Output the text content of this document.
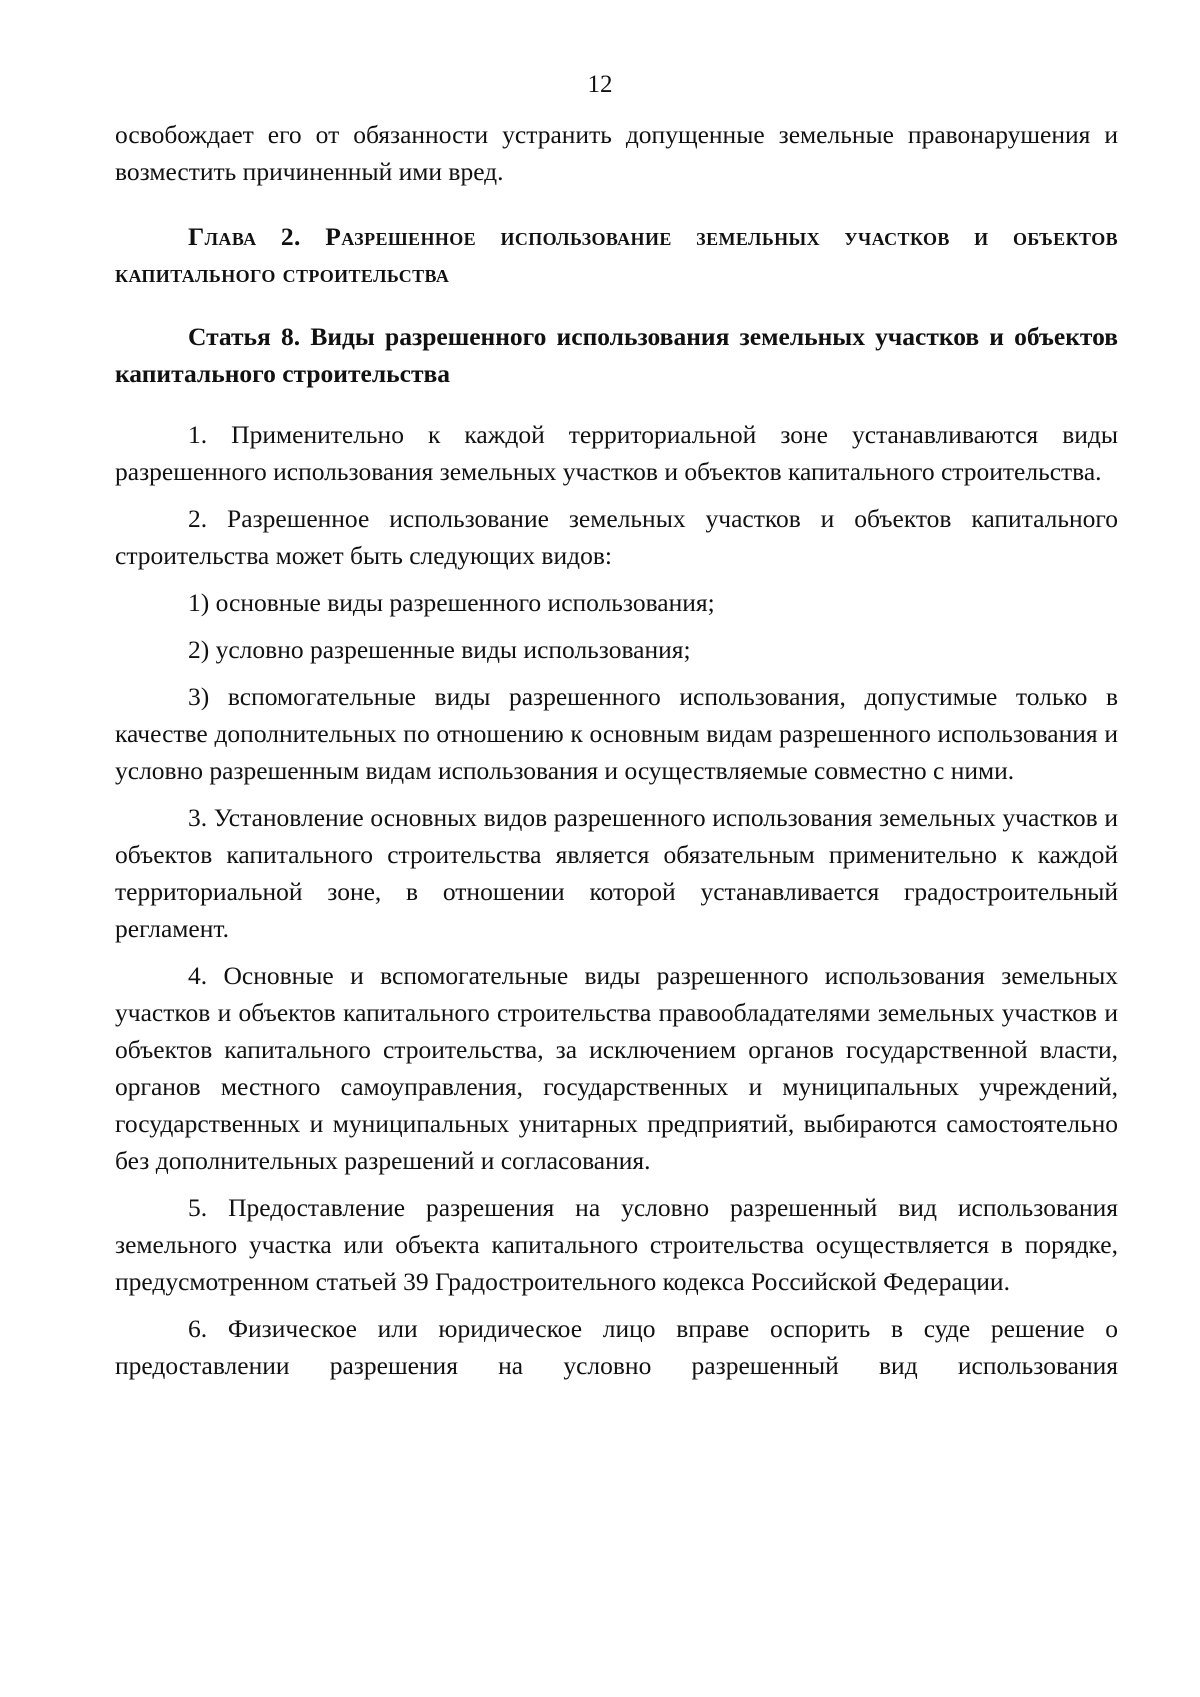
12

освобождает его от обязанности устранить допущенные земельные правонарушения и возместить причиненный ими вред.

Глава 2. Разрешенное использование земельных участков и объектов капитального строительства

Статья 8. Виды разрешенного использования земельных участков и объектов капитального строительства

1. Применительно к каждой территориальной зоне устанавливаются виды разрешенного использования земельных участков и объектов капитального строительства.

2. Разрешенное использование земельных участков и объектов капитального строительства может быть следующих видов:

1) основные виды разрешенного использования;

2) условно разрешенные виды использования;

3) вспомогательные виды разрешенного использования, допустимые только в качестве дополнительных по отношению к основным видам разрешенного использования и условно разрешенным видам использования и осуществляемые совместно с ними.

3. Установление основных видов разрешенного использования земельных участков и объектов капитального строительства является обязательным применительно к каждой территориальной зоне, в отношении которой устанавливается градостроительный регламент.

4. Основные и вспомогательные виды разрешенного использования земельных участков и объектов капитального строительства правообладателями земельных участков и объектов капитального строительства, за исключением органов государственной власти, органов местного самоуправления, государственных и муниципальных учреждений, государственных и муниципальных унитарных предприятий, выбираются самостоятельно без дополнительных разрешений и согласования.

5. Предоставление разрешения на условно разрешенный вид использования земельного участка или объекта капитального строительства осуществляется в порядке, предусмотренном статьей 39 Градостроительного кодекса Российской Федерации.

6. Физическое или юридическое лицо вправе оспорить в суде решение о предоставлении разрешения на условно разрешенный вид использования
